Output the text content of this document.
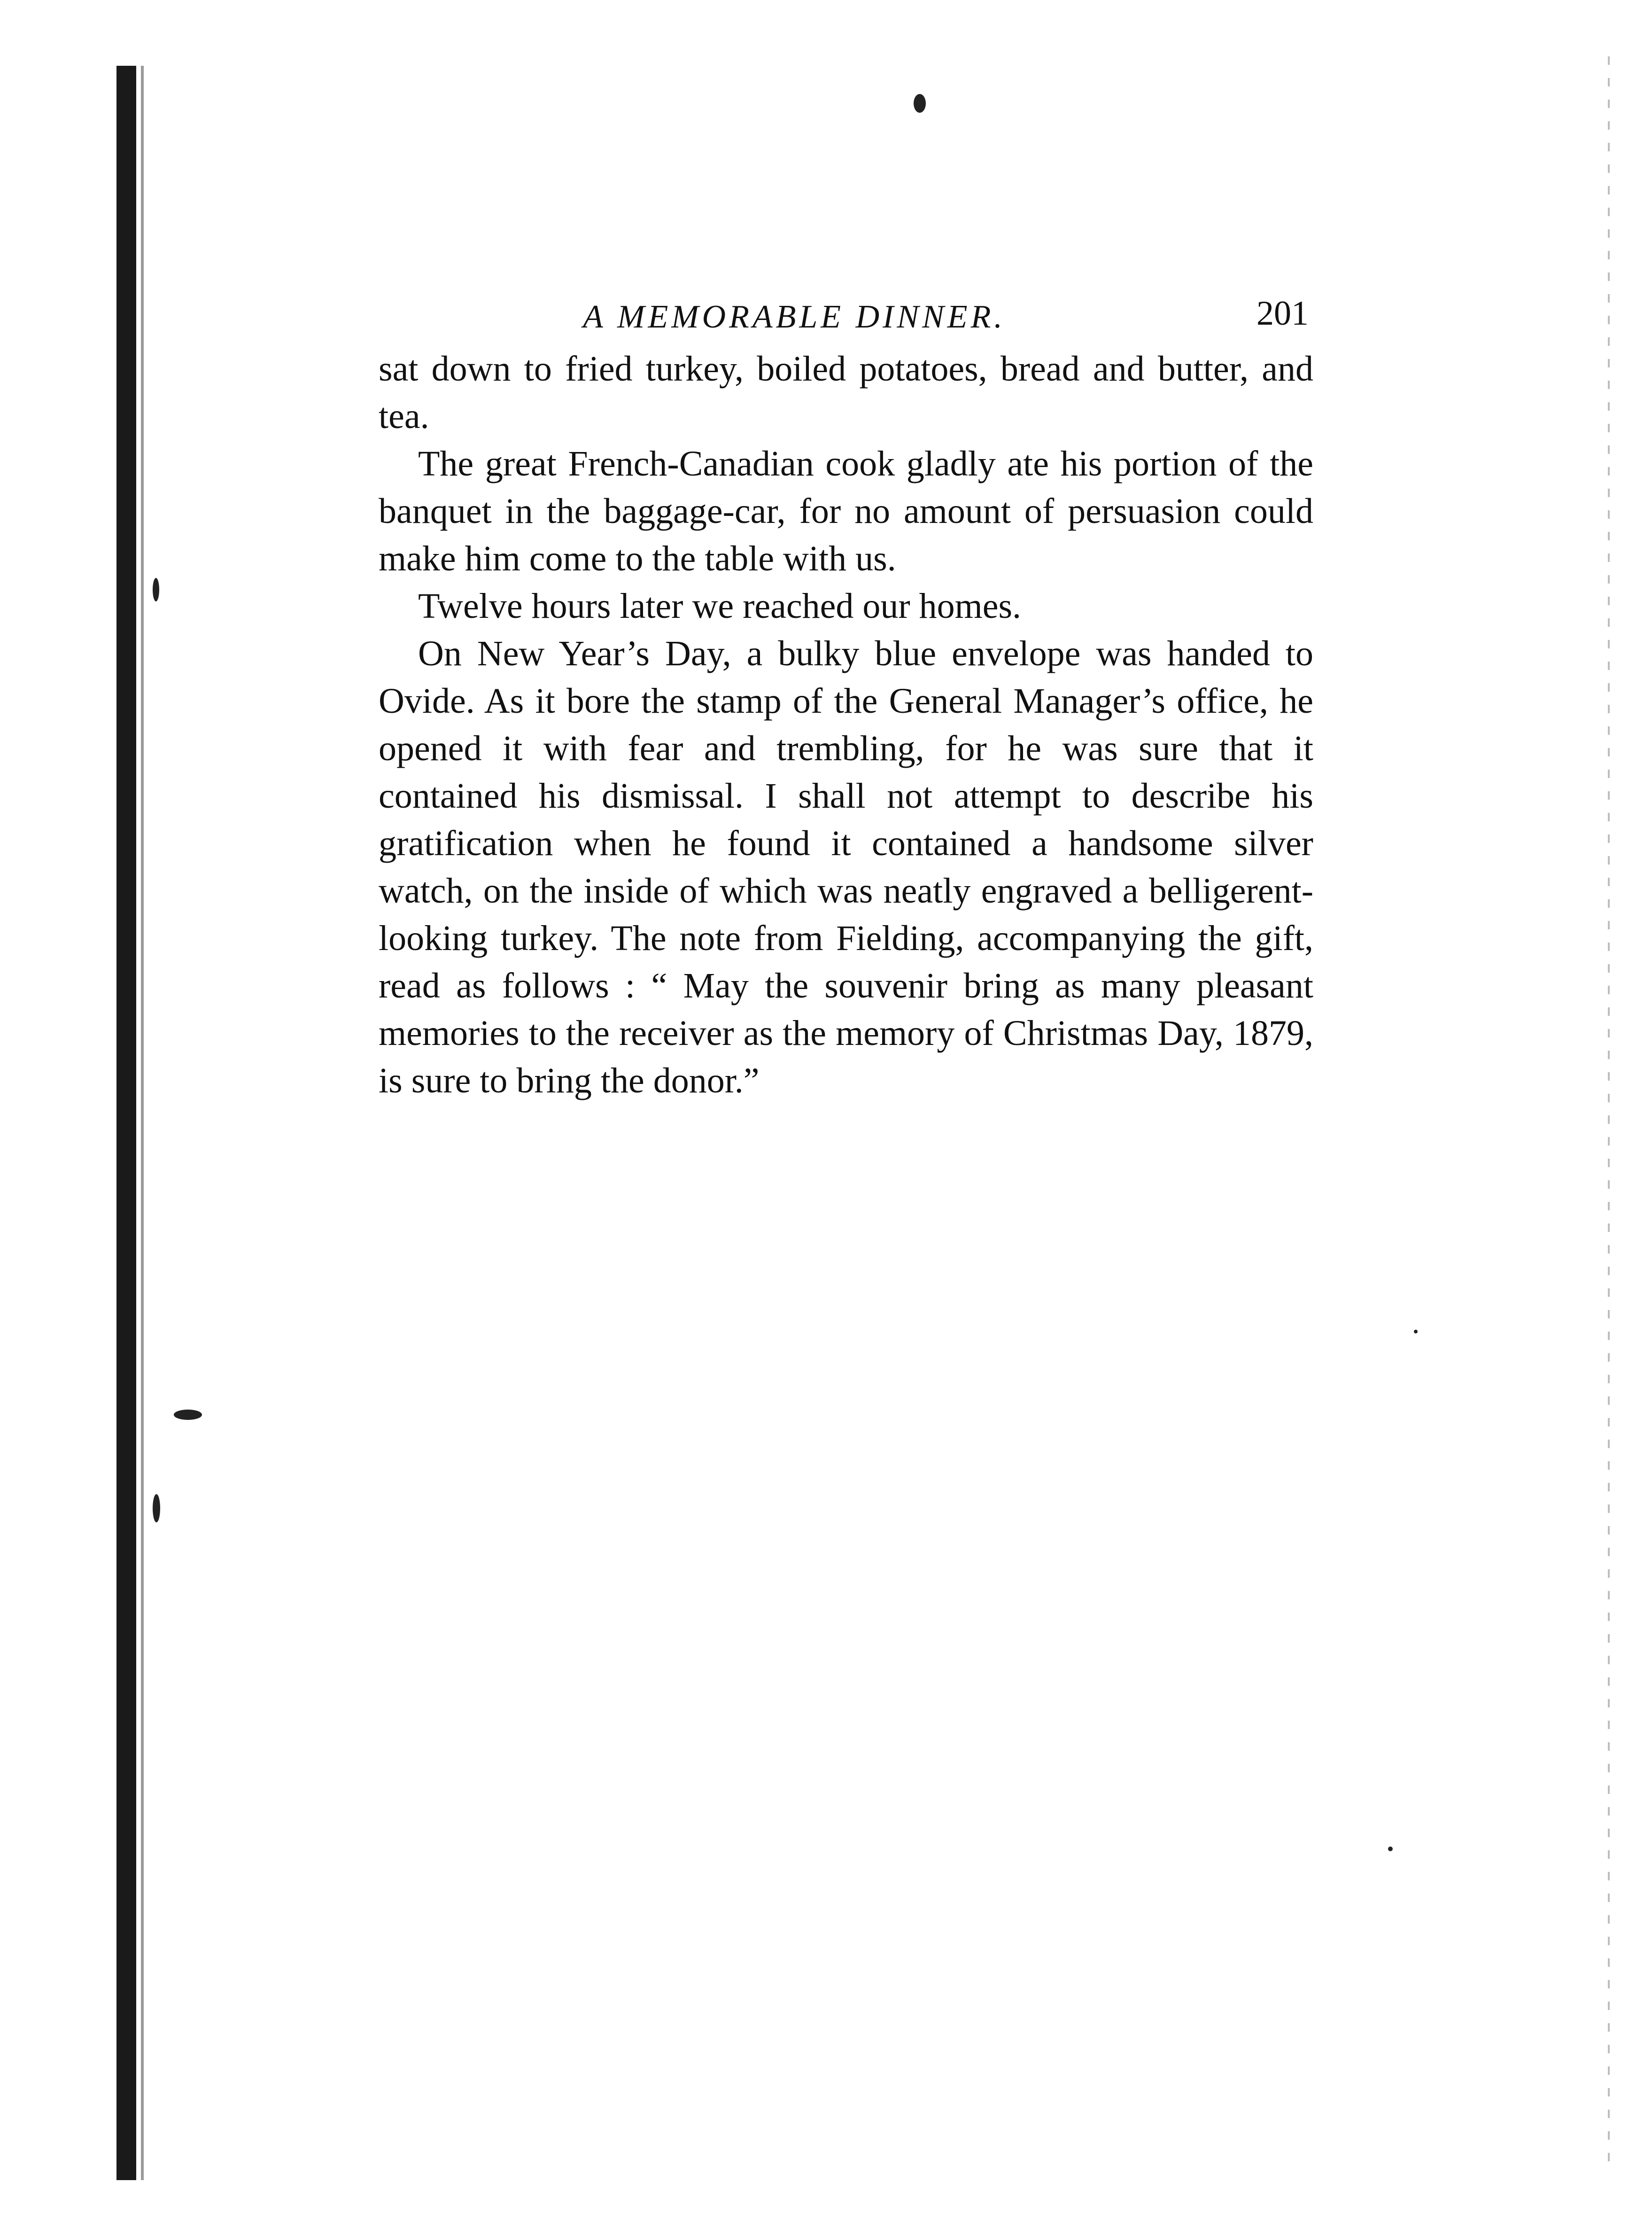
A MEMORABLE DINNER.	201

sat down to fried turkey, boiled potatoes, bread and butter, and tea.

The great French-Canadian cook gladly ate his portion of the banquet in the baggage-car, for no amount of persuasion could make him come to the table with us.

Twelve hours later we reached our homes.

On New Year’s Day, a bulky blue envelope was handed to Ovide. As it bore the stamp of the General Manager’s office, he opened it with fear and trembling, for he was sure that it contained his dismissal. I shall not attempt to describe his gratification when he found it contained a handsome silver watch, on the inside of which was neatly engraved a belligerent-looking turkey. The note from Fielding, accompanying the gift, read as follows : “ May the souvenir bring as many pleasant memories to the receiver as the memory of Christmas Day, 1879, is sure to bring the donor.”
